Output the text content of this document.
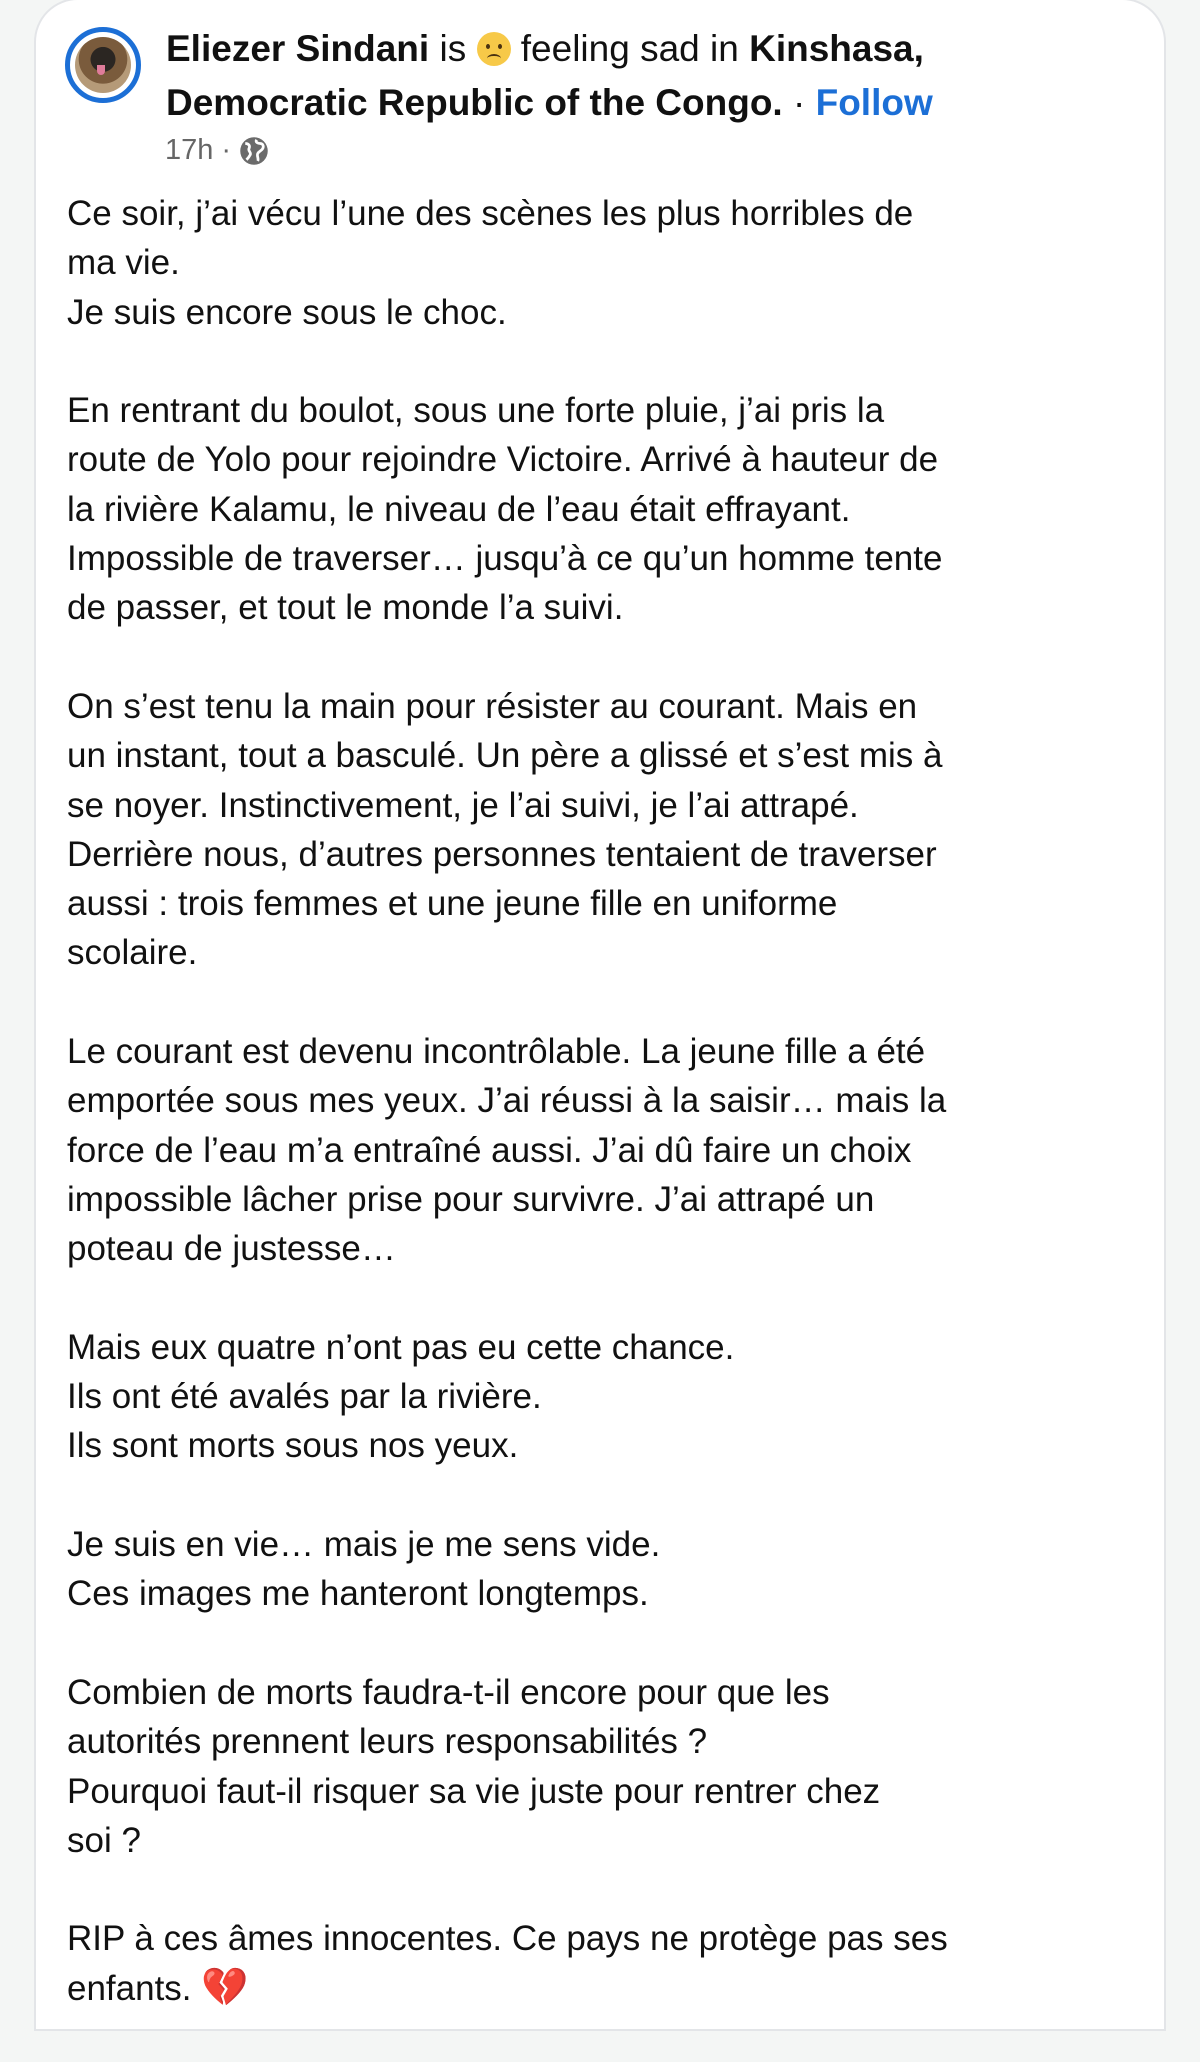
Eliezer Sindani is feeling sad in Kinshasa,
Democratic Republic of the Congo. · Follow
17h ·
Ce soir, j’ai vécu l’une des scènes les plus horribles de
ma vie.
Je suis encore sous le choc.
En rentrant du boulot, sous une forte pluie, j’ai pris la
route de Yolo pour rejoindre Victoire. Arrivé à hauteur de
la rivière Kalamu, le niveau de l’eau était effrayant.
Impossible de traverser… jusqu’à ce qu’un homme tente
de passer, et tout le monde l’a suivi.
On s’est tenu la main pour résister au courant. Mais en
un instant, tout a basculé. Un père a glissé et s’est mis à
se noyer. Instinctivement, je l’ai suivi, je l’ai attrapé.
Derrière nous, d’autres personnes tentaient de traverser
aussi : trois femmes et une jeune fille en uniforme
scolaire.
Le courant est devenu incontrôlable. La jeune fille a été
emportée sous mes yeux. J’ai réussi à la saisir… mais la
force de l’eau m’a entraîné aussi. J’ai dû faire un choix
impossible lâcher prise pour survivre. J’ai attrapé un
poteau de justesse…
Mais eux quatre n’ont pas eu cette chance.
Ils ont été avalés par la rivière.
Ils sont morts sous nos yeux.
Je suis en vie… mais je me sens vide.
Ces images me hanteront longtemps.
Combien de morts faudra-t-il encore pour que les
autorités prennent leurs responsabilités ?
Pourquoi faut-il risquer sa vie juste pour rentrer chez
soi ?
RIP à ces âmes innocentes. Ce pays ne protège pas ses
enfants. 💔
